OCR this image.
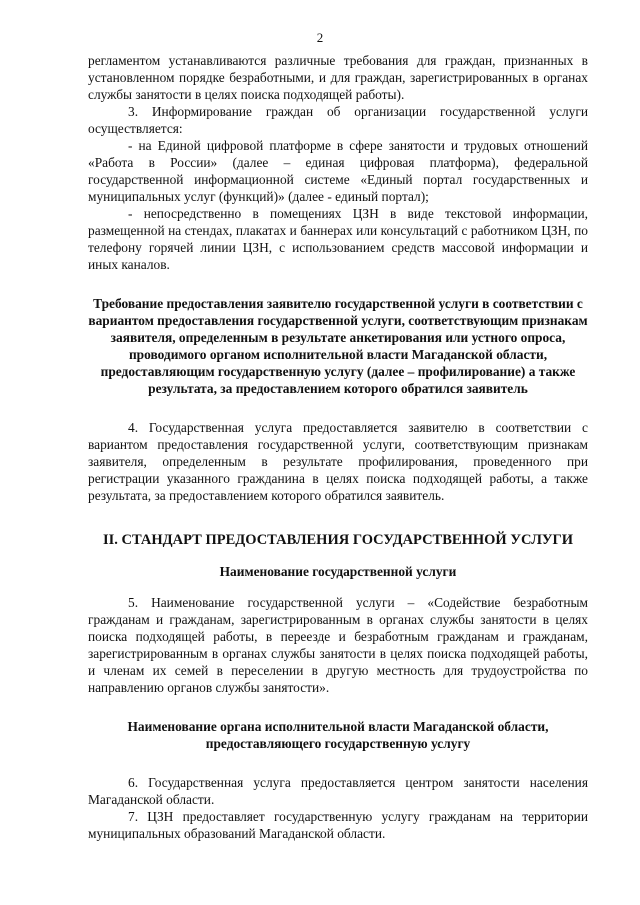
2

регламентом устанавливаются различные требования для граждан, признанных в установленном порядке безработными, и для граждан, зарегистрированных в органах службы занятости в целях поиска подходящей работы).

3. Информирование граждан об организации государственной услуги осуществляется:

- на Единой цифровой платформе в сфере занятости и трудовых отношений «Работа в России» (далее – единая цифровая платформа), федеральной государственной информационной системе «Единый портал государственных и муниципальных услуг (функций)» (далее - единый портал);

- непосредственно в помещениях ЦЗН в виде текстовой информации, размещенной на стендах, плакатах и баннерах или консультаций с работником ЦЗН, по телефону горячей линии ЦЗН, с использованием средств массовой информации и иных каналов.

Требование предоставления заявителю государственной услуги в соответствии с вариантом предоставления государственной услуги, соответствующим признакам заявителя, определенным в результате анкетирования или устного опроса, проводимого органом исполнительной власти Магаданской области, предоставляющим государственную услугу (далее – профилирование) а также результата, за предоставлением которого обратился заявитель

4. Государственная услуга предоставляется заявителю в соответствии с вариантом предоставления государственной услуги, соответствующим признакам заявителя, определенным в результате профилирования, проведенного при регистрации указанного гражданина в целях поиска подходящей работы, а также результата, за предоставлением которого обратился заявитель.

II. СТАНДАРТ ПРЕДОСТАВЛЕНИЯ ГОСУДАРСТВЕННОЙ УСЛУГИ

Наименование государственной услуги

5. Наименование государственной услуги – «Содействие безработным гражданам и гражданам, зарегистрированным в органах службы занятости в целях поиска подходящей работы, в переезде и безработным гражданам и гражданам, зарегистрированным в органах службы занятости в целях поиска подходящей работы, и членам их семей в переселении в другую местность для трудоустройства по направлению органов службы занятости».

Наименование органа исполнительной власти Магаданской области, предоставляющего государственную услугу

6. Государственная услуга предоставляется центром занятости населения Магаданской области.

7. ЦЗН предоставляет государственную услугу гражданам на территории муниципальных образований Магаданской области.
